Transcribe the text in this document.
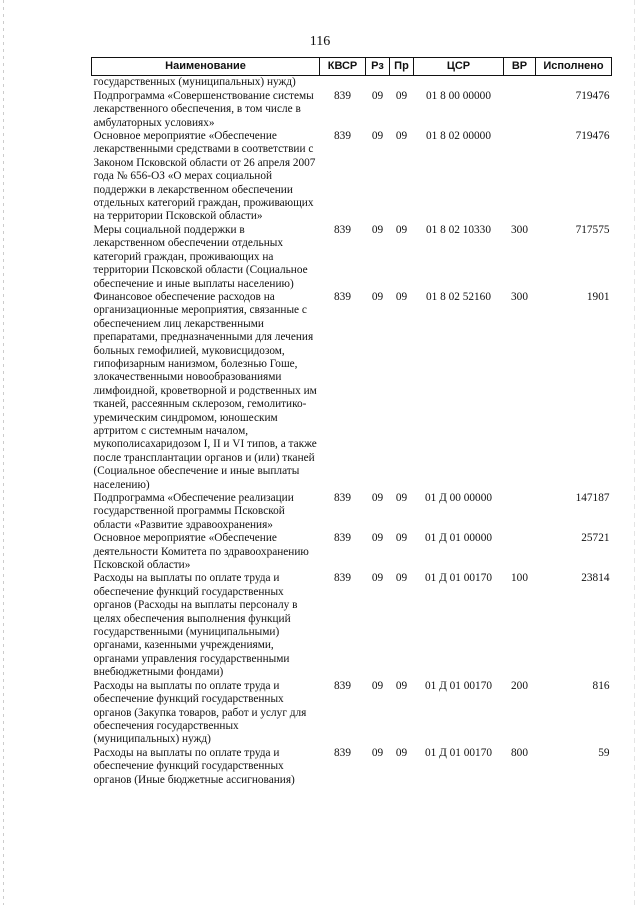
116
Наименование	КВСР	Рз	Пр	ЦСР	ВР	Исполнено
государственных (муниципальных) нужд)						
Подпрограмма «Совершенствование системы лекарственного обеспечения, в том числе в амбулаторных условиях»	839	09	09	01 8 00 00000		719476
Основное мероприятие «Обеспечение лекарственными средствами в соответствии с Законом Псковской области от 26 апреля 2007 года № 656-ОЗ «О мерах социальной поддержки в лекарственном обеспечении отдельных категорий граждан, проживающих на территории Псковской области»	839	09	09	01 8 02 00000		719476
Меры социальной поддержки в лекарственном обеспечении отдельных категорий граждан, проживающих на территории Псковской области (Социальное обеспечение и иные выплаты населению)	839	09	09	01 8 02 10330	300	717575
Финансовое обеспечение расходов на организационные мероприятия, связанные с обеспечением лиц лекарственными препаратами, предназначенными для лечения больных гемофилией, муковисцидозом, гипофизарным нанизмом, болезнью Гоше, злокачественными новообразованиями лимфоидной, кроветворной и родственных им тканей, рассеянным склерозом, гемолитико-уремическим синдромом, юношеским артритом с системным началом, мукополисахаридозом I, II и VI типов, а также после трансплантации органов и (или) тканей (Социальное обеспечение и иные выплаты населению)	839	09	09	01 8 02 52160	300	1901
Подпрограмма «Обеспечение реализации государственной программы Псковской области «Развитие здравоохранения»	839	09	09	01 Д 00 00000		147187
Основное мероприятие «Обеспечение деятельности Комитета по здравоохранению Псковской области»	839	09	09	01 Д 01 00000		25721
Расходы на выплаты по оплате труда и обеспечение функций государственных органов (Расходы на выплаты персоналу в целях обеспечения выполнения функций государственными (муниципальными) органами, казенными учреждениями, органами управления государственными внебюджетными фондами)	839	09	09	01 Д 01 00170	100	23814
Расходы на выплаты по оплате труда и обеспечение функций государственных органов (Закупка товаров, работ и услуг для обеспечения государственных (муниципальных) нужд)	839	09	09	01 Д 01 00170	200	816
Расходы на выплаты по оплате труда и обеспечение функций государственных органов (Иные бюджетные ассигнования)	839	09	09	01 Д 01 00170	800	59
